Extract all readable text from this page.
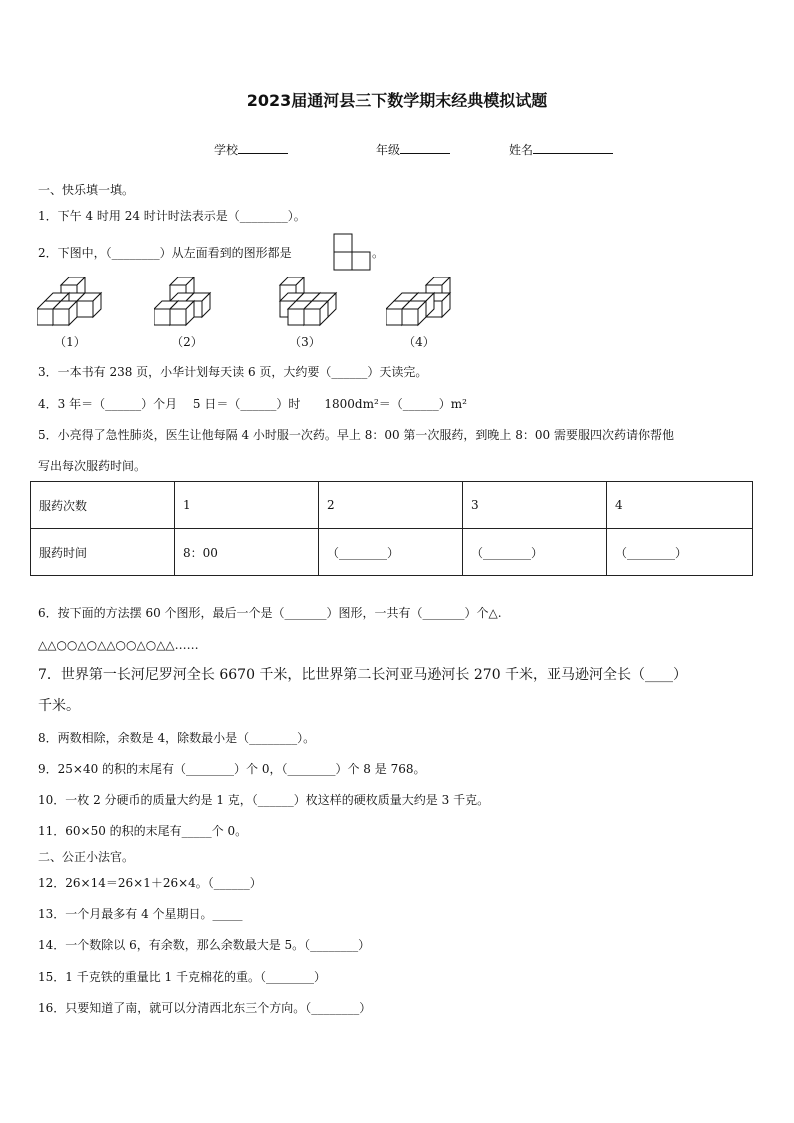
2023届通河县三下数学期末经典模拟试题
学校	年级	姓名
一、快乐填一填。
1．下午 4 时用 24 时计时法表示是（________）。
2．下图中，（________）从左面看到的图形都是	。
（1）	（2）	（3）	（4）
3．一本书有 238 页，小华计划每天读 6 页，大约要（______）天读完。
4．3 年＝（______）个月　 5 日＝（______）时　　1800dm²＝（______）m²
5．小亮得了急性肺炎，医生让他每隔 4 小时服一次药。早上 8：00 第一次服药，到晚上 8：00 需要服四次药请你帮他
写出每次服药时间。
服药次数	1	2	3	4
服药时间	8：00	（________）	（________）	（________）
6．按下面的方法摆 60 个图形，最后一个是（_______）图形，一共有（_______）个△.
△△○○△○△△○○△○△△……
7．世界第一长河尼罗河全长 6670 千米，比世界第二长河亚马逊河长 270 千米，亚马逊河全长（____）
千米。
8．两数相除，余数是 4，除数最小是（________）。
9．25×40 的积的末尾有（________）个 0，（________）个 8 是 768。
10．一枚 2 分硬币的质量大约是 1 克，（______）枚这样的硬枚质量大约是 3 千克。
11．60×50 的积的末尾有_____个 0。
二、公正小法官。
12．26×14＝26×1＋26×4。（______）
13．一个月最多有 4 个星期日。_____
14．一个数除以 6，有余数，那么余数最大是 5。（________）
15．1 千克铁的重量比 1 千克棉花的重。（________）
16．只要知道了南，就可以分清西北东三个方向。（________）
